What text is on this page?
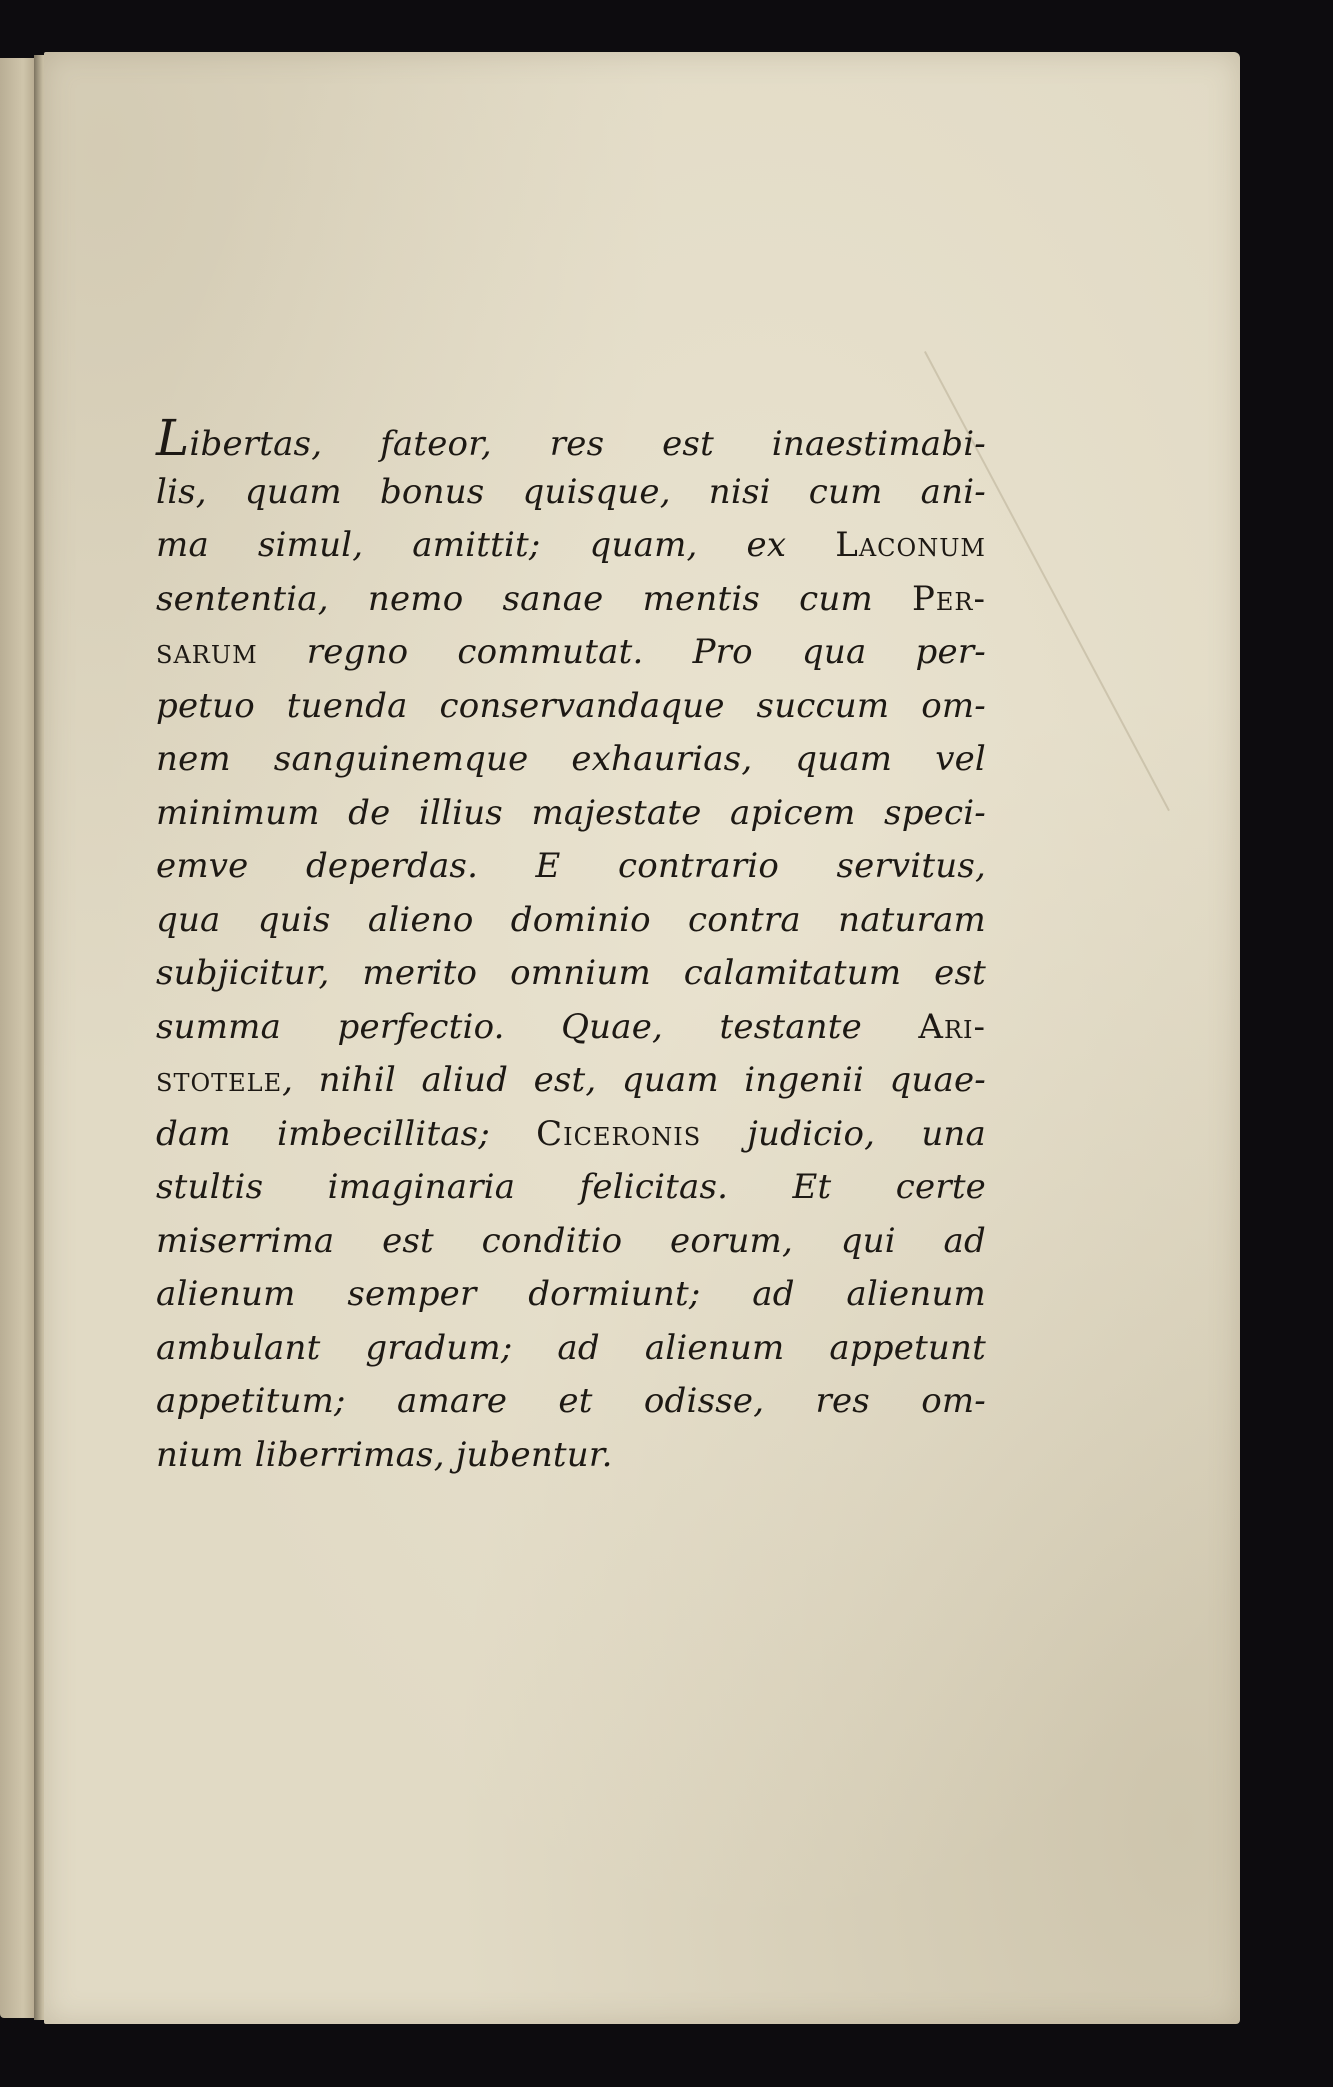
Libertas, fateor, res est inaestimabi-
lis, quam bonus quisque, nisi cum ani-
ma simul, amittit; quam, ex Laconum
sententia, nemo sanae mentis cum Per-
sarum regno commutat. Pro qua per-
petuo tuenda conservandaque succum om-
nem sanguinemque exhaurias, quam vel
minimum de illius majestate apicem speci-
emve deperdas. E contrario servitus,
qua quis alieno dominio contra naturam
subjicitur, merito omnium calamitatum est
summa perfectio. Quae, testante Ari-
stotele, nihil aliud est, quam ingenii quae-
dam imbecillitas; Ciceronis judicio, una
stultis imaginaria felicitas. Et certe
miserrima est conditio eorum, qui ad
alienum semper dormiunt; ad alienum
ambulant gradum; ad alienum appetunt
appetitum; amare et odisse, res om-
nium liberrimas, jubentur.
